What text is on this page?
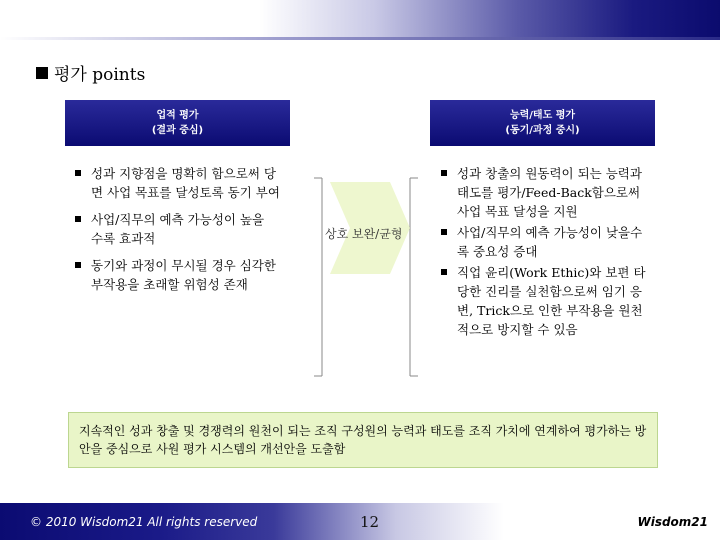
평가 points
업적 평가
(결과 중심)
능력/태도 평가
(동기/과정 중시)
성과 지향점을 명확히 함으로써 당면 사업 목표를 달성토록 동기 부여
사업/직무의 예측 가능성이 높을 수록 효과적
동기와 과정이 무시될 경우 심각한 부작용을 초래할 위험성 존재
성과 창출의 원동력이 되는 능력과 태도를 평가/Feed-Back함으로써 사업 목표 달성을 지원
사업/직무의 예측 가능성이 낮을수록 중요성 증대
직업 윤리(Work Ethic)와 보편 타당한 진리를 실천함으로써 임기 응변, Trick으로 인한 부작용을 원천적으로 방지할 수 있음
상호 보완/균형
지속적인 성과 창출 및 경쟁력의 원천이 되는 조직 구성원의 능력과 태도를 조직 가치에 연계하여 평가하는 방안을 중심으로 사원 평가 시스템의 개선안을 도출함
© 2010 Wisdom21 All rights reserved	12	Wisdom21
